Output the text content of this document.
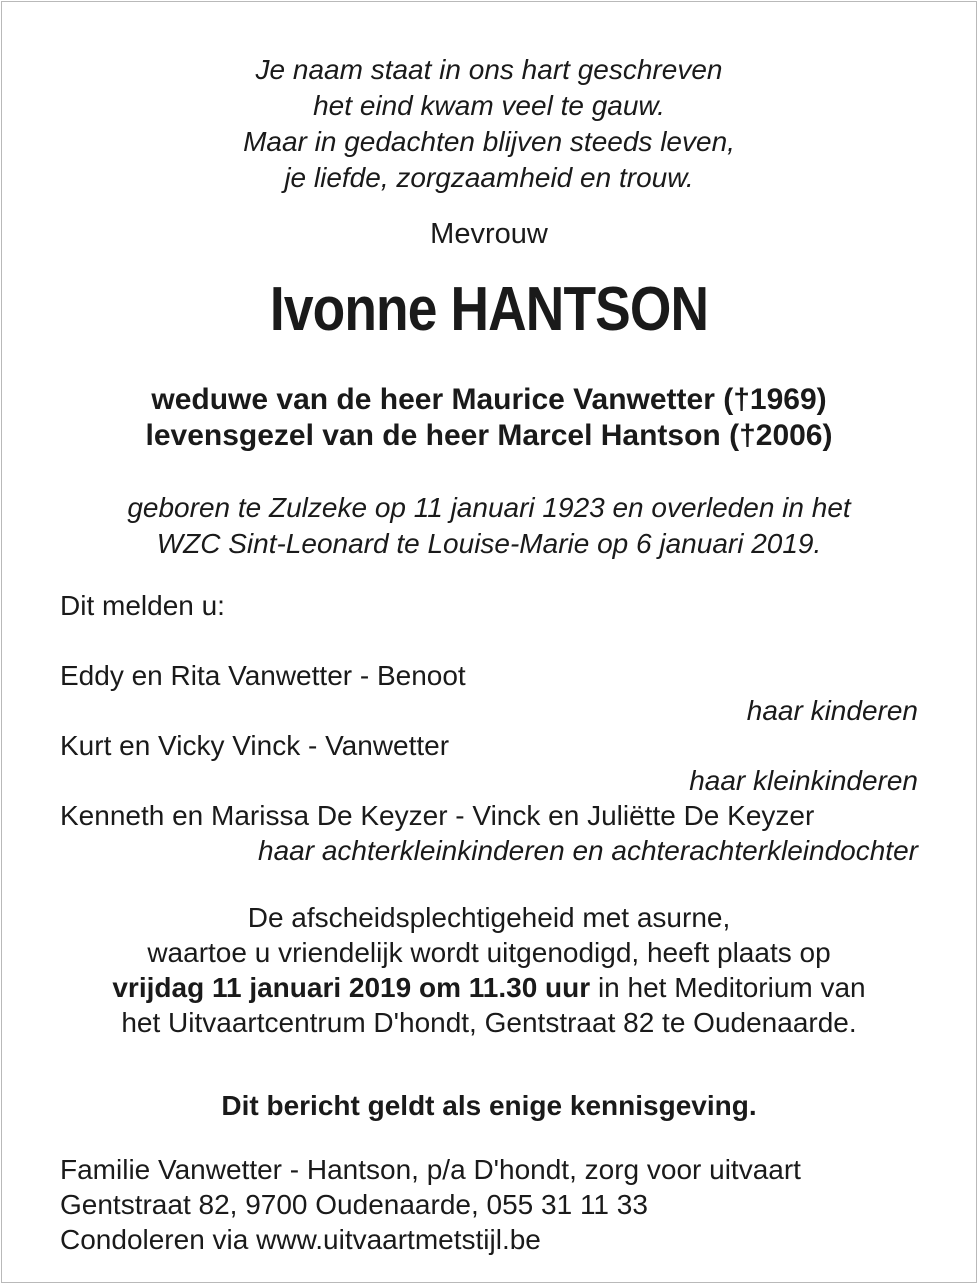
Je naam staat in ons hart geschreven
het eind kwam veel te gauw.
Maar in gedachten blijven steeds leven,
je liefde, zorgzaamheid en trouw.
Mevrouw
Ivonne HANTSON
weduwe van de heer Maurice Vanwetter (†1969)
levensgezel van de heer Marcel Hantson (†2006)
geboren te Zulzeke op 11 januari 1923 en overleden in het
WZC Sint-Leonard te Louise-Marie op 6 januari 2019.
Dit melden u:
Eddy en Rita Vanwetter - Benoot
haar kinderen
Kurt en Vicky Vinck - Vanwetter
haar kleinkinderen
Kenneth en Marissa De Keyzer - Vinck en Juliëtte De Keyzer
haar achterkleinkinderen en achterachterkleindochter
De afscheidsplechtigeheid met asurne,
waartoe u vriendelijk wordt uitgenodigd, heeft plaats op
vrijdag 11 januari 2019 om 11.30 uur in het Meditorium van
het Uitvaartcentrum D'hondt, Gentstraat 82 te Oudenaarde.
Dit bericht geldt als enige kennisgeving.
Familie Vanwetter - Hantson, p/a D'hondt, zorg voor uitvaart
Gentstraat 82, 9700 Oudenaarde, 055 31 11 33
Condoleren via www.uitvaartmetstijl.be
